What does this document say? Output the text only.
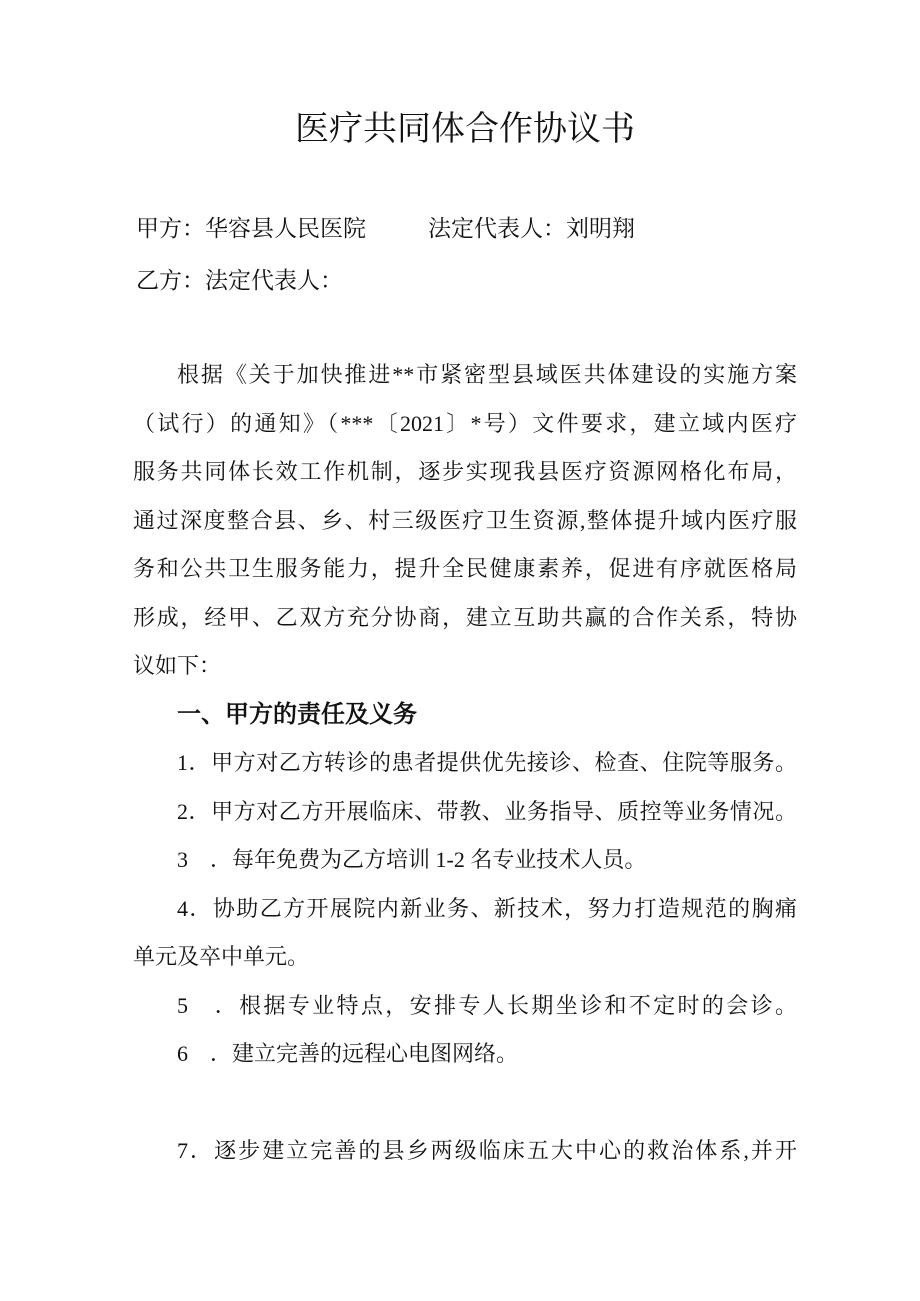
医疗共同体合作协议书
甲方：华容县人民医院	法定代表人：刘明翔
乙方：法定代表人：
根据《关于加快推进**市紧密型县域医共体建设的实施方案
（试行）的通知》（***〔2021〕*号）文件要求，建立域内医疗
服务共同体长效工作机制，逐步实现我县医疗资源网格化布局，
通过深度整合县、乡、村三级医疗卫生资源,整体提升域内医疗服
务和公共卫生服务能力，提升全民健康素养，促进有序就医格局
形成，经甲、乙双方充分协商，建立互助共赢的合作关系，特协
议如下：
一、甲方的责任及义务
1．甲方对乙方转诊的患者提供优先接诊、检查、住院等服务。
2．甲方对乙方开展临床、带教、业务指导、质控等业务情况。
3　．每年免费为乙方培训 1-2 名专业技术人员。
4．协助乙方开展院内新业务、新技术，努力打造规范的胸痛
单元及卒中单元。
5　．根据专业特点，安排专人长期坐诊和不定时的会诊。
6　．建立完善的远程心电图网络。
7．逐步建立完善的县乡两级临床五大中心的救治体系,并开
